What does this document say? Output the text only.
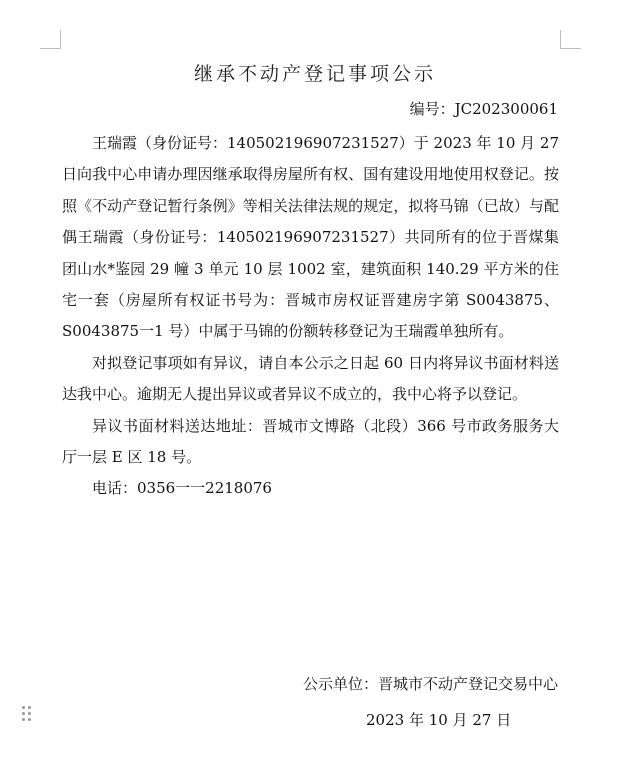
继承不动产登记事项公示
编号：JC202300061

王瑞霞（身份证号：140502196907231527）于 2023 年 10 月 27 日向我中心申请办理因继承取得房屋所有权、国有建设用地使用权登记。按照《不动产登记暂行条例》等相关法律法规的规定，拟将马锦（已故）与配偶王瑞霞（身份证号：140502196907231527）共同所有的位于晋煤集团山水*鉴园 29 幢 3 单元 10 层 1002 室，建筑面积 140.29 平方米的住宅一套（房屋所有权证书号为：晋城市房权证晋建房字第 S0043875、S0043875一1 号）中属于马锦的份额转移登记为王瑞霞单独所有。

对拟登记事项如有异议，请自本公示之日起 60 日内将异议书面材料送达我中心。逾期无人提出异议或者异议不成立的，我中心将予以登记。

异议书面材料送达地址：晋城市文博路（北段）366 号市政务服务大厅一层 E 区 18 号。

电话：0356一一2218076

公示单位：晋城市不动产登记交易中心
2023 年 10 月 27 日
